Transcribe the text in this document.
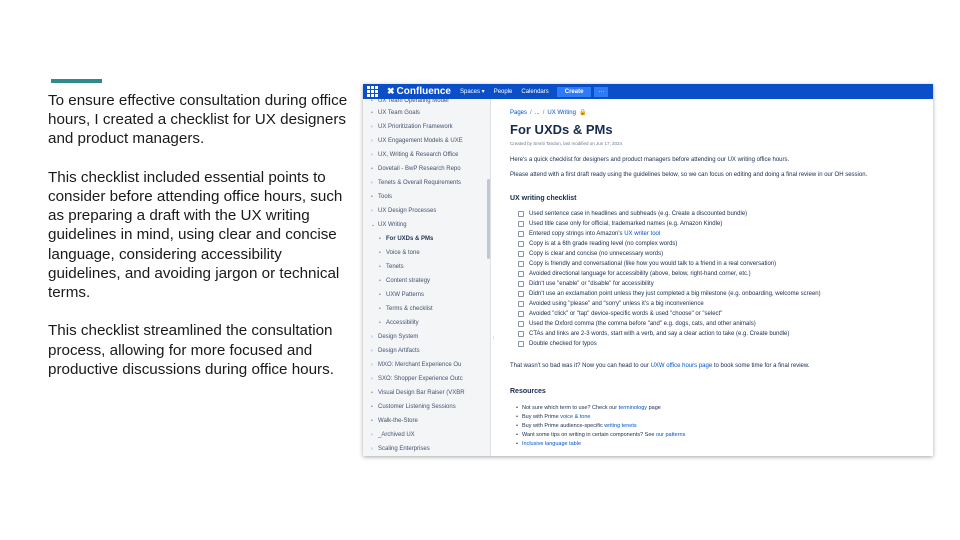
To ensure effective consultation during office hours, I created a checklist for UX designers and product managers.

This checklist included essential points to consider before attending office hours, such as preparing a draft with the UX writing guidelines in mind, using clear and concise language, considering accessibility guidelines, and avoiding jargon or technical terms.

This checklist streamlined the consultation process, allowing for more focused and productive discussions during office hours.

✖ Confluence Spaces ▾ People Calendars	Create	···
• UX Team Operating Model
• UX Team Goals
› UX Prioritization Framework
› UX Engagement Models & UXE
› UX, Writing & Research Office
• Dovetail - BwP Research Repo
› Tenets & Overall Requirements
• Tools
› UX Design Processes
⌄ UX Writing
• For UXDs & PMs
• Voice & tone
• Tenets
• Content strategy
• UXW Patterns
• Terms & checklist
• Accessibility
› Design System
› Design Artifacts
› MXO: Merchant Experience Ou
› SXO: Shopper Experience Outc
• Visual Design Bar Raiser (VXBR
• Customer Listening Sessions
• Walk-the-Store
› _Archived UX
› Scaling Enterprises
⁞
Pages / ... / UX Writing 🔒
For UXDs & PMs
Created by Smriti Tandon, last modified on Jun 17, 2024
Here's a quick checklist for designers and product managers before attending our UX writing office hours.
Please attend with a first draft ready using the guidelines below, so we can focus on editing and doing a final review in our OH session.
UX writing checklist
Used sentence case in headlines and subheads (e.g. Create a discounted bundle)
Used title case only for official, trademarked names (e.g. Amazon Kindle)
Entered copy strings into Amazon's UX writer tool
Copy is at a 6th grade reading level (no complex words)
Copy is clear and concise (no unnecessary words)
Copy is friendly and conversational (like how you would talk to a friend in a real conversation)
Avoided directional language for accessibility (above, below, right-hand corner, etc.)
Didn't use "enable" or "disable" for accessibility
Didn't use an exclamation point unless they just completed a big milestone (e.g. onboarding, welcome screen)
Avoided using "please" and "sorry" unless it's a big inconvenience
Avoided "click" or "tap" device-specific words & used "choose" or "select"
Used the Oxford comma (the comma before "and" e.g. dogs, cats, and other animals)
CTAs and links are 2-3 words, start with a verb, and say a clear action to take (e.g. Create bundle)
Double checked for typos
That wasn't so bad was it? Now you can head to our UXW office hours page to book some time for a final review.
Resources
• Not sure which term to use? Check our terminology page
• Buy with Prime voice & tone
• Buy with Prime audience-specific writing tenets
• Want some tips on writing in certain components? See our patterns
• Inclusive language table
